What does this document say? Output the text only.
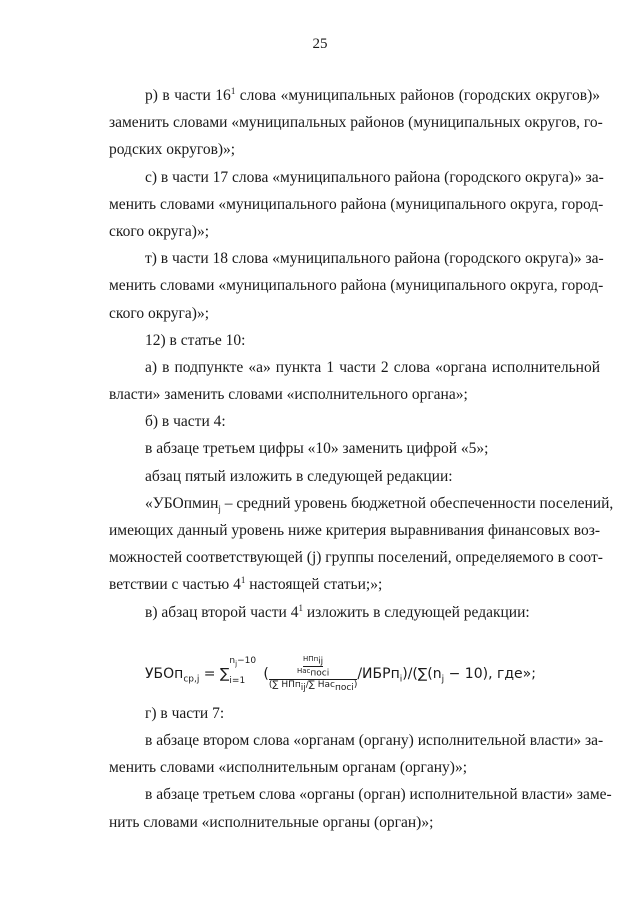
25
р) в части $16^1$ слова «муниципальных районов (городских округов)»
заменить словами «муниципальных районов (муниципальных округов, го-
родских округов)»;
с) в части 17 слова «муниципального района (городского округа)» за-
менить словами «муниципального района (муниципального округа, город-
ского округа)»;
т) в части 18 слова «муниципального района (городского округа)» за-
менить словами «муниципального района (муниципального округа, город-
ского округа)»;
12) в статье 10:
а) в подпункте «а» пункта 1 части 2 слова «органа исполнительной
власти» заменить словами «исполнительного органа»;
б) в части 4:
в абзаце третьем цифры «10» заменить цифрой «5»;
абзац пятый изложить в следующей редакции:
«УБОпмин$_j$ – средний уровень бюджетной обеспеченности поселений,
имеющих данный уровень ниже критерия выравнивания финансовых воз-
можностей соответствующей (j) группы поселений, определяемого в соот-
ветствии с частью $4^1$ настоящей статьи;»;
в) абзац второй части $4^1$ изложить в следующей редакции:
УБОп$_{ср,j}$ = ∑
$n_j-10$
i=1 ( НПп$_{ij}$
Нас$_{посi}$
(∑ НПп$_{ij}$/∑ Нас$_{посi}$) $/ИБРп_i)/(\sum(n_j - 10)$, где»;
г) в части 7:
в абзаце втором слова «органам (органу) исполнительной власти» за-
менить словами «исполнительным органам (органу)»;
в абзаце третьем слова «органы (орган) исполнительной власти» заме-
нить словами «исполнительные органы (орган)»;
